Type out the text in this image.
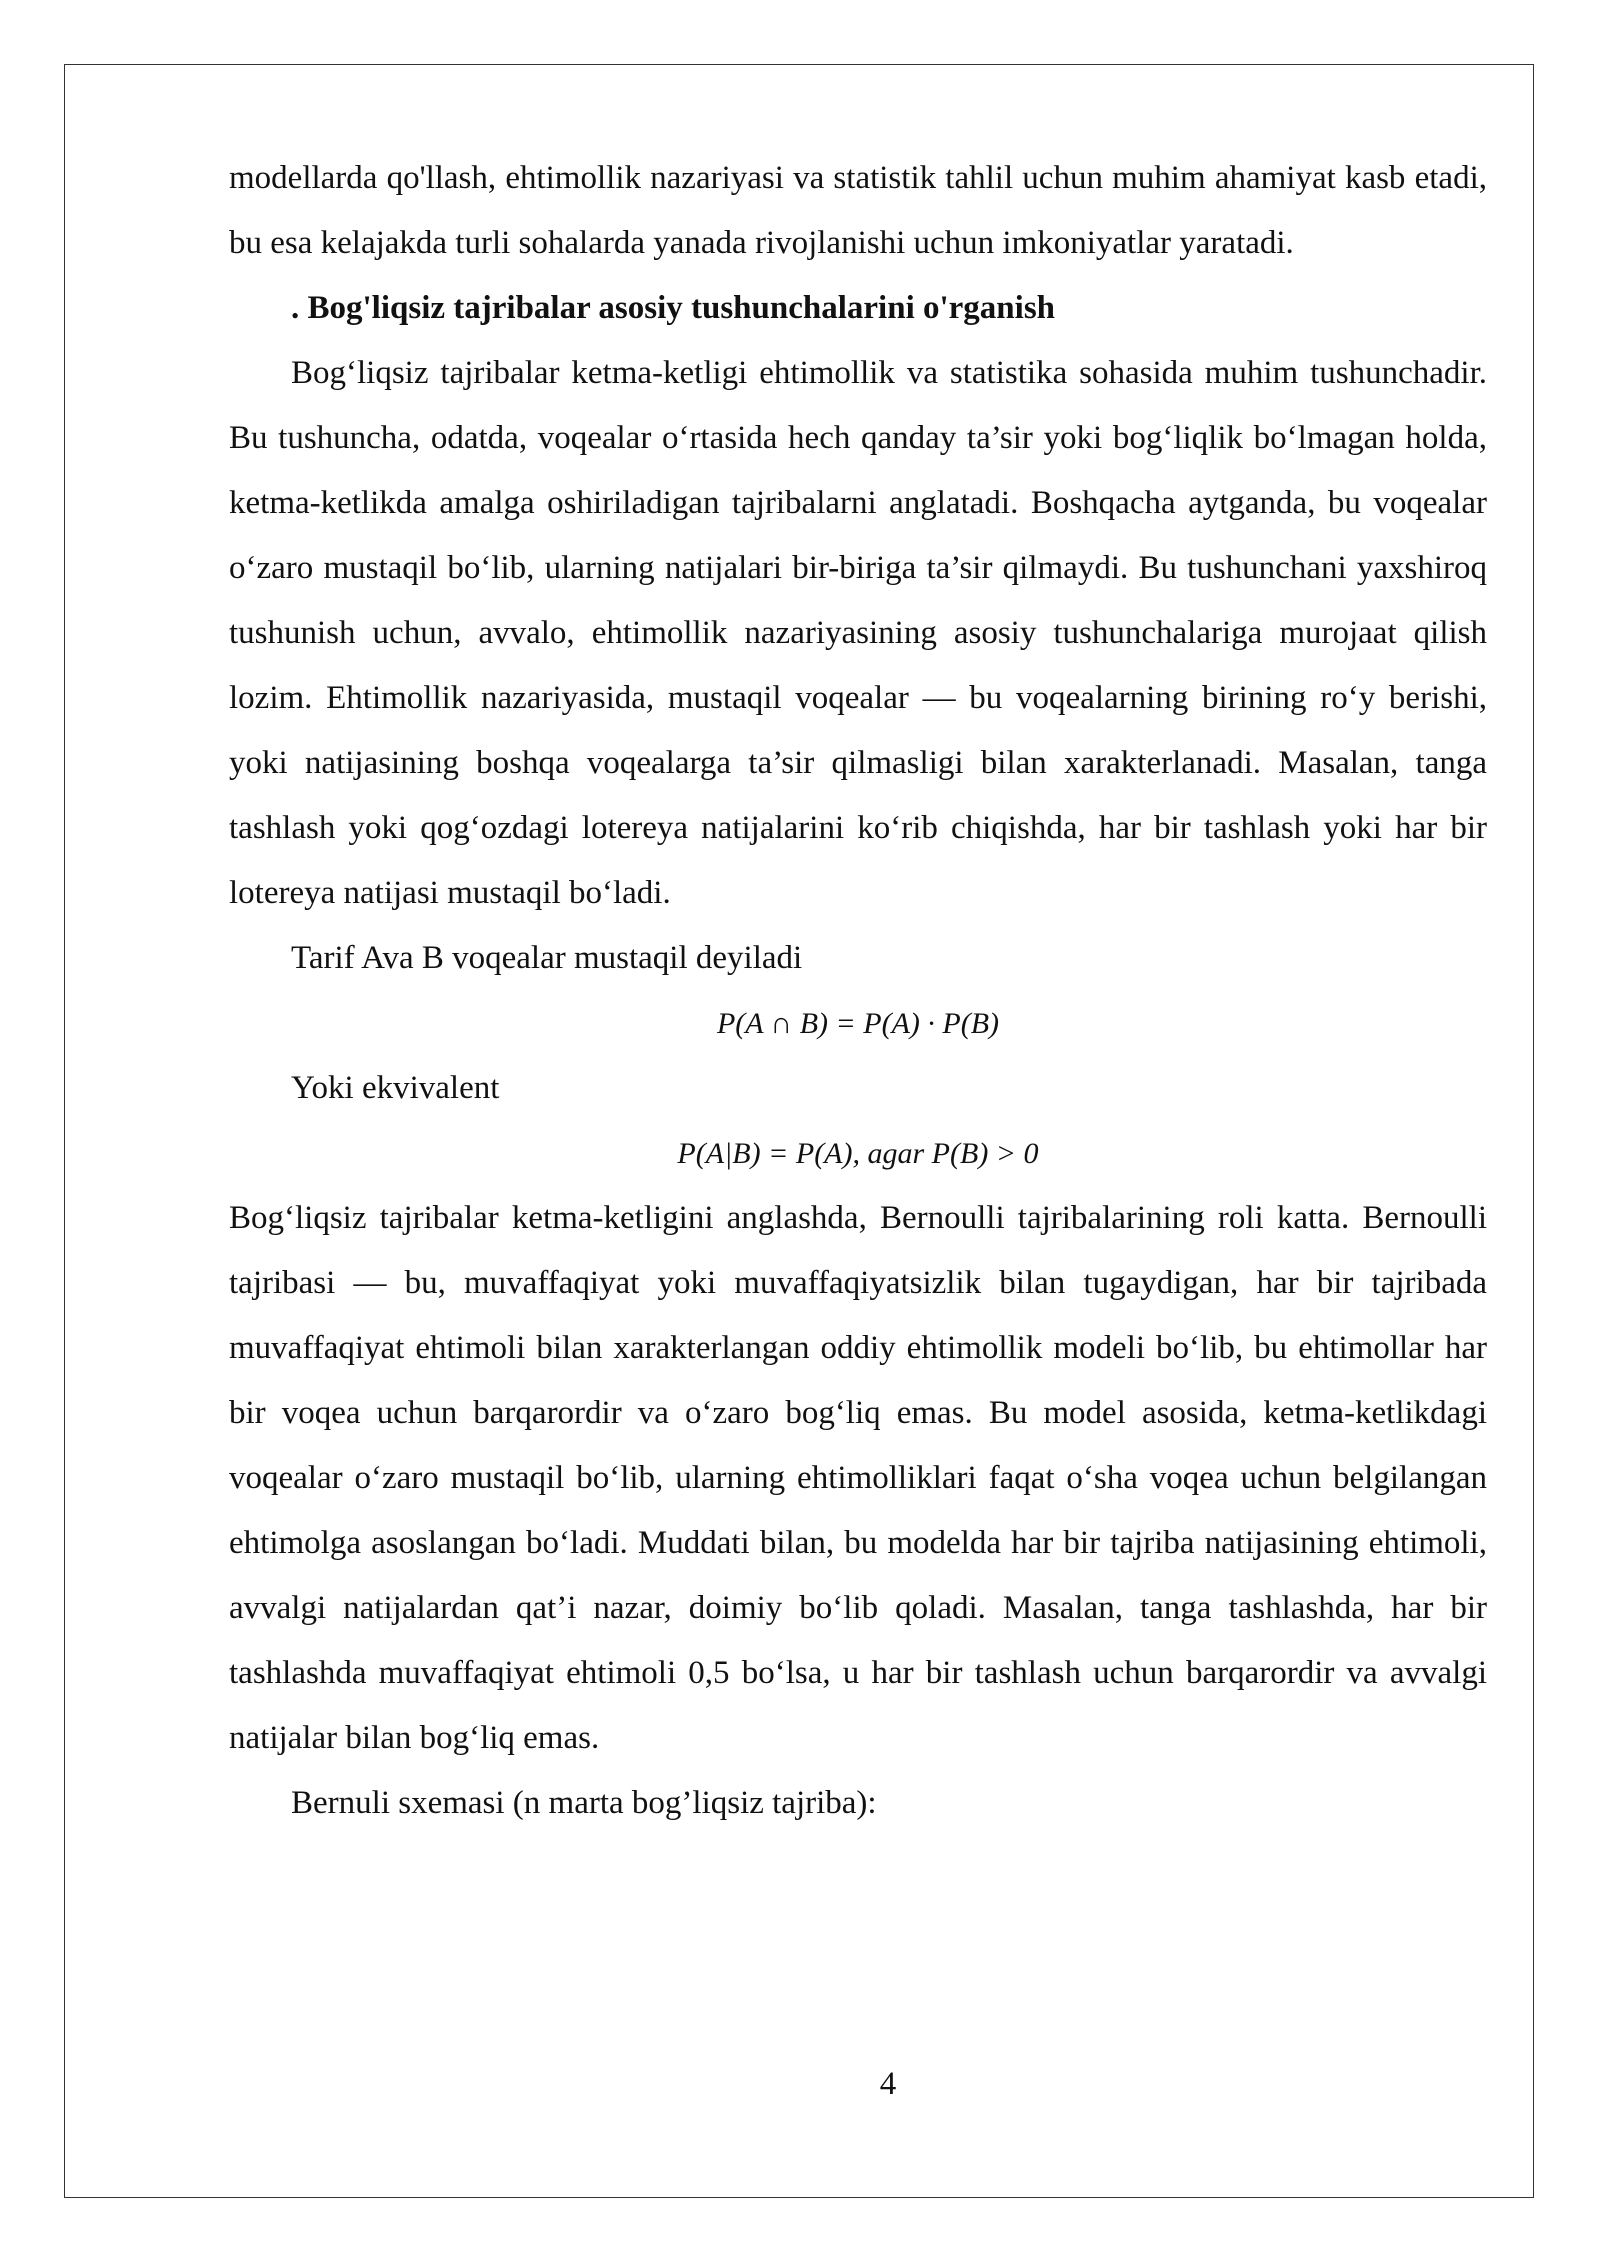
modellarda qo'llash, ehtimollik nazariyasi va statistik tahlil uchun muhim ahamiyat kasb etadi, bu esa kelajakda turli sohalarda yanada rivojlanishi uchun imkoniyatlar yaratadi.

. Bog'liqsiz tajribalar asosiy tushunchalarini o'rganish

Bog‘liqsiz tajribalar ketma-ketligi ehtimollik va statistika sohasida muhim tushunchadir. Bu tushuncha, odatda, voqealar o‘rtasida hech qanday ta’sir yoki bog‘liqlik bo‘lmagan holda, ketma-ketlikda amalga oshiriladigan tajribalarni anglatadi. Boshqacha aytganda, bu voqealar o‘zaro mustaqil bo‘lib, ularning natijalari bir-biriga ta’sir qilmaydi. Bu tushunchani yaxshiroq tushunish uchun, avvalo, ehtimollik nazariyasining asosiy tushunchalariga murojaat qilish lozim. Ehtimollik nazariyasida, mustaqil voqealar — bu voqealarning birining ro‘y berishi, yoki natijasining boshqa voqealarga ta’sir qilmasligi bilan xarakterlanadi. Masalan, tanga tashlash yoki qog‘ozdagi lotereya natijalarini ko‘rib chiqishda, har bir tashlash yoki har bir lotereya natijasi mustaqil bo‘ladi.

Tarif Ava B voqealar mustaqil deyiladi

P(A ∩ B) = P(A) · P(B)

Yoki ekvivalent

P(A|B) = P(A), agar P(B) > 0

Bog‘liqsiz tajribalar ketma-ketligini anglashda, Bernoulli tajribalarining roli katta. Bernoulli tajribasi — bu, muvaffaqiyat yoki muvaffaqiyatsizlik bilan tugaydigan, har bir tajribada muvaffaqiyat ehtimoli bilan xarakterlangan oddiy ehtimollik modeli bo‘lib, bu ehtimollar har bir voqea uchun barqarordir va o‘zaro bog‘liq emas. Bu model asosida, ketma-ketlikdagi voqealar o‘zaro mustaqil bo‘lib, ularning ehtimolliklari faqat o‘sha voqea uchun belgilangan ehtimolga asoslangan bo‘ladi. Muddati bilan, bu modelda har bir tajriba natijasining ehtimoli, avvalgi natijalardan qat’i nazar, doimiy bo‘lib qoladi. Masalan, tanga tashlashda, har bir tashlashda muvaffaqiyat ehtimoli 0,5 bo‘lsa, u har bir tashlash uchun barqarordir va avvalgi natijalar bilan bog‘liq emas.

Bernuli sxemasi (n marta bog’liqsiz tajriba):

4
